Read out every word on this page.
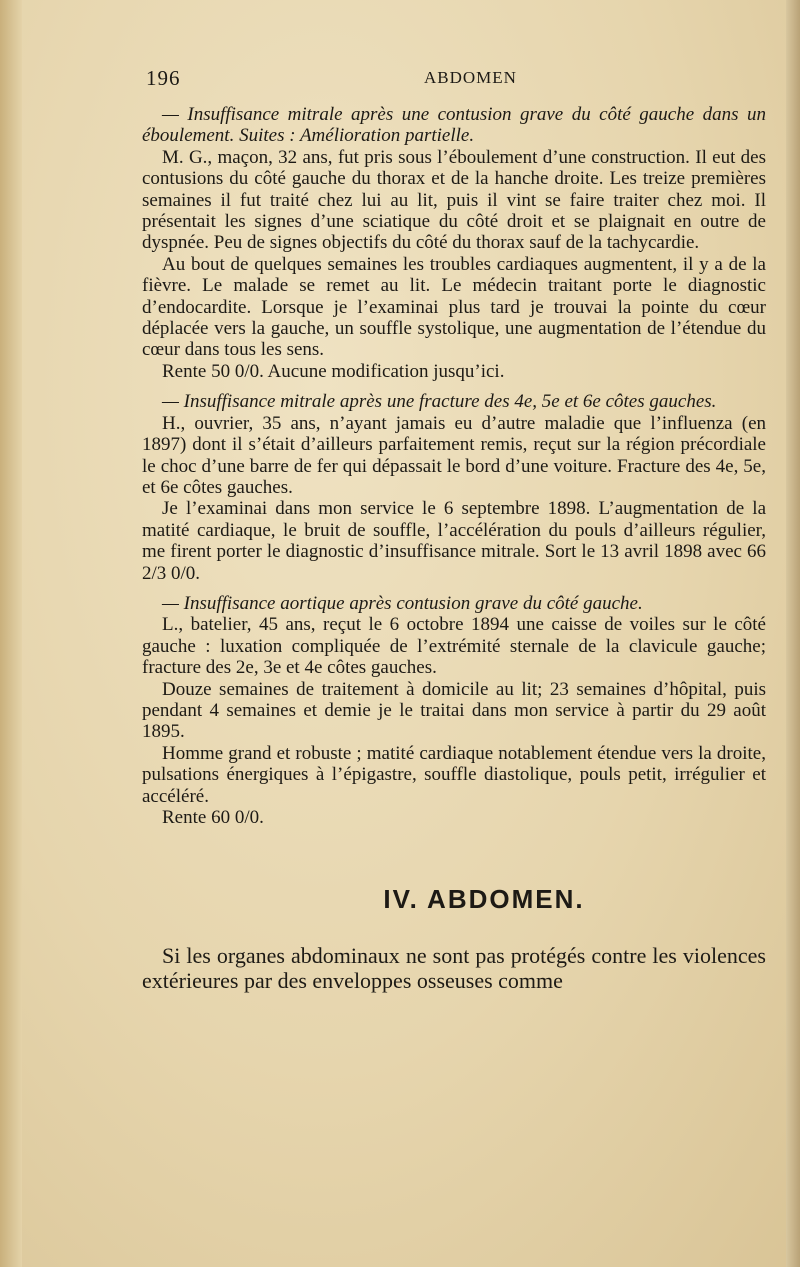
196	ABDOMEN

— Insuffisance mitrale après une contusion grave du côté gauche dans un éboulement. Suites : Amélioration partielle.

M. G., maçon, 32 ans, fut pris sous l’éboulement d’une construction. Il eut des contusions du côté gauche du thorax et de la hanche droite. Les treize premières semaines il fut traité chez lui au lit, puis il vint se faire traiter chez moi. Il présentait les signes d’une sciatique du côté droit et se plaignait en outre de dyspnée. Peu de signes objectifs du côté du thorax sauf de la tachycardie.

Au bout de quelques semaines les troubles cardiaques augmentent, il y a de la fièvre. Le malade se remet au lit. Le médecin traitant porte le diagnostic d’endocardite. Lorsque je l’examinai plus tard je trouvai la pointe du cœur déplacée vers la gauche, un souffle systolique, une augmentation de l’étendue du cœur dans tous les sens.

Rente 50 0/0. Aucune modification jusqu’ici.

— Insuffisance mitrale après une fracture des 4e, 5e et 6e côtes gauches.

H., ouvrier, 35 ans, n’ayant jamais eu d’autre maladie que l’influenza (en 1897) dont il s’était d’ailleurs parfaitement remis, reçut sur la région précordiale le choc d’une barre de fer qui dépassait le bord d’une voiture. Fracture des 4e, 5e, et 6e côtes gauches.

Je l’examinai dans mon service le 6 septembre 1898. L’augmentation de la matité cardiaque, le bruit de souffle, l’accélération du pouls d’ailleurs régulier, me firent porter le diagnostic d’insuffisance mitrale. Sort le 13 avril 1898 avec 66 2/3 0/0.

— Insuffisance aortique après contusion grave du côté gauche.

L., batelier, 45 ans, reçut le 6 octobre 1894 une caisse de voiles sur le côté gauche : luxation compliquée de l’extrémité sternale de la clavicule gauche; fracture des 2e, 3e et 4e côtes gauches.

Douze semaines de traitement à domicile au lit; 23 semaines d’hôpital, puis pendant 4 semaines et demie je le traitai dans mon service à partir du 29 août 1895.

Homme grand et robuste ; matité cardiaque notablement étendue vers la droite, pulsations énergiques à l’épigastre, souffle diastolique, pouls petit, irrégulier et accéléré.

Rente 60 0/0.

IV. ABDOMEN.

Si les organes abdominaux ne sont pas protégés contre les violences extérieures par des enveloppes osseuses comme
